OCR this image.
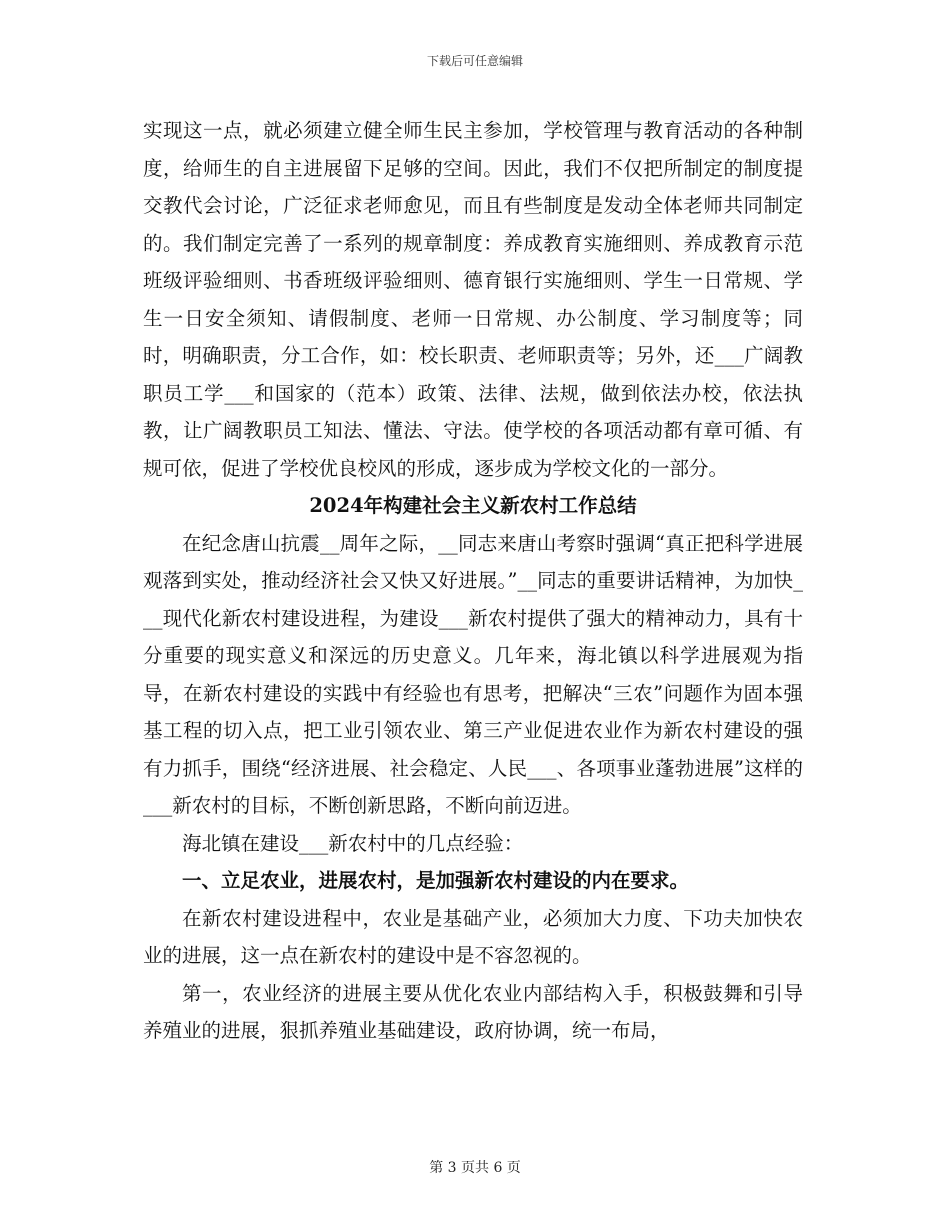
下载后可任意编辑

实现这一点，就必须建立健全师生民主参加，学校管理与教育活动的各种制度，给师生的自主进展留下足够的空间。因此，我们不仅把所制定的制度提交教代会讨论，广泛征求老师愈见，而且有些制度是发动全体老师共同制定的。我们制定完善了一系列的规章制度：养成教育实施细则、养成教育示范班级评验细则、书香班级评验细则、德育银行实施细则、学生一日常规、学生一日安全须知、请假制度、老师一日常规、办公制度、学习制度等；同时，明确职责，分工合作，如：校长职责、老师职责等；另外，还___广阔教职员工学___和国家的（范本）政策、法律、法规，做到依法办校，依法执教，让广阔教职员工知法、懂法、守法。使学校的各项活动都有章可循、有规可依，促进了学校优良校风的形成，逐步成为学校文化的一部分。

2024年构建社会主义新农村工作总结

在纪念唐山抗震__周年之际，__同志来唐山考察时强调“真正把科学进展观落到实处，推动经济社会又快又好进展。”__同志的重要讲话精神，为加快___现代化新农村建设进程，为建设___新农村提供了强大的精神动力，具有十分重要的现实意义和深远的历史意义。几年来，海北镇以科学进展观为指导，在新农村建设的实践中有经验也有思考，把解决“三农”问题作为固本强基工程的切入点，把工业引领农业、第三产业促进农业作为新农村建设的强有力抓手，围绕“经济进展、社会稳定、人民___、各项事业蓬勃进展”这样的___新农村的目标，不断创新思路，不断向前迈进。

海北镇在建设___新农村中的几点经验：

一、立足农业，进展农村，是加强新农村建设的内在要求。

在新农村建设进程中，农业是基础产业，必须加大力度、下功夫加快农业的进展，这一点在新农村的建设中是不容忽视的。

第一，农业经济的进展主要从优化农业内部结构入手，积极鼓舞和引导养殖业的进展，狠抓养殖业基础建设，政府协调，统一布局，

第 3 页共 6 页
